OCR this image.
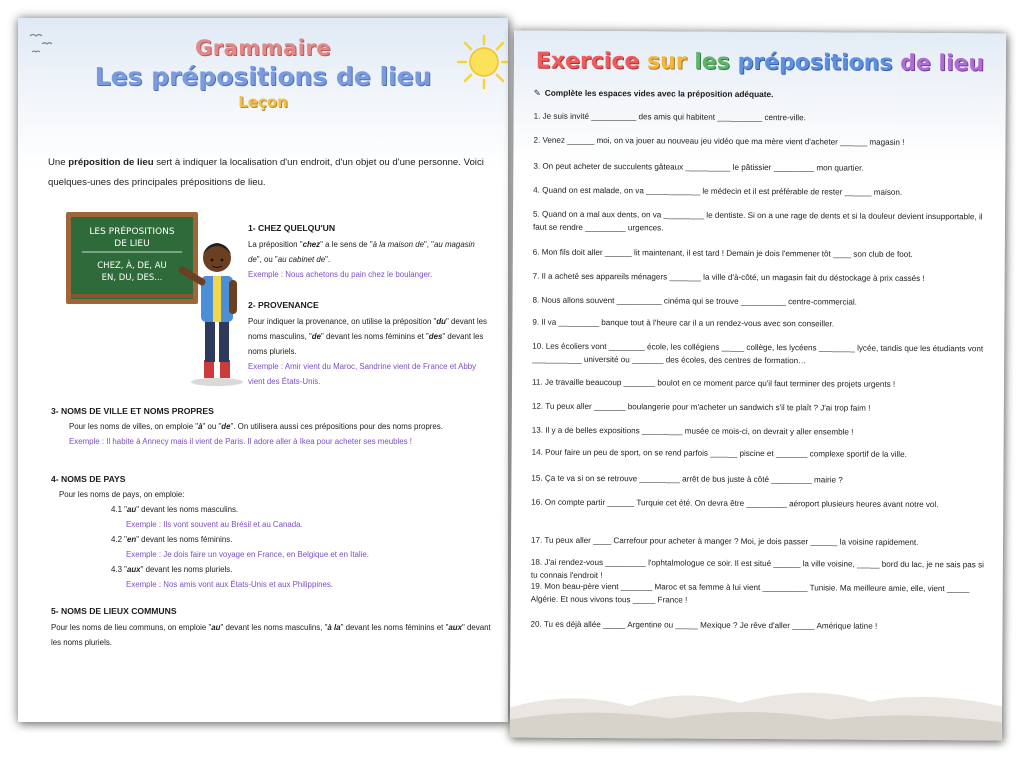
Grammaire
Les prépositions de lieu
Leçon
Une préposition de lieu sert à indiquer la localisation d'un endroit, d'un objet ou d'une personne. Voici quelques-unes des principales prépositions de lieu.
LES PRÉPOSITIONS
DE LIEU
CHEZ, À, DE, AU
EN, DU, DES...
1- CHEZ QUELQU'UN
La préposition "chez" a le sens de "à la maison de", "au magasin de", ou "au cabinet de".
Exemple : Nous achetons du pain chez le boulanger.
2- PROVENANCE
Pour indiquer la provenance, on utilise la préposition "du" devant les noms masculins, "de" devant les noms féminins et "des" devant les noms pluriels.
Exemple : Amir vient du Maroc, Sandrine vient de France et Abby vient des États-Unis.
3- NOMS DE VILLE ET NOMS PROPRES
Pour les noms de villes, on emploie "à" ou "de". On utilisera aussi ces prépositions pour des noms propres.
Exemple : Il habite à Annecy mais il vient de Paris. Il adore aller à Ikea pour acheter ses meubles !
4- NOMS DE PAYS
Pour les noms de pays, on emploie:
4.1 "au" devant les noms masculins.
Exemple : Ils vont souvent au Brésil et au Canada.
4.2 "en" devant les noms féminins.
Exemple : Je dois faire un voyage en France, en Belgique et en Italie.
4.3 "aux" devant les noms pluriels.
Exemple : Nos amis vont aux États-Unis et aux Philippines.
5- NOMS DE LIEUX COMMUNS
Pour les noms de lieu communs, on emploie "au" devant les noms masculins, "à la" devant les noms féminins et "aux" devant les noms pluriels.
Exercice sur les prépositions de lieu
✎ Complète les espaces vides avec la préposition adéquate.
1. Je suis invité __________ des amis qui habitent __________ centre-ville.
2. Venez ______ moi, on va jouer au nouveau jeu vidéo que ma mère vient d'acheter ______ magasin !
3. On peut acheter de succulents gâteaux __________ le pâtissier _________ mon quartier.
4. Quand on est malade, on va ____________ le médecin et il est préférable de rester ______ maison.
5. Quand on a mal aux dents, on va _________ le dentiste. Si on a une rage de dents et si la douleur devient insupportable, il faut se rendre _________ urgences.
6. Mon fils doit aller ______ lit maintenant, il est tard ! Demain je dois l'emmener tôt ____ son club de foot.
7. Il a acheté ses appareils ménagers _______ la ville d'à-côté, un magasin fait du déstockage à prix cassés !
8. Nous allons souvent __________ cinéma qui se trouve __________ centre-commercial.
9. Il va _________ banque tout à l'heure car il a un rendez-vous avec son conseiller.
10. Les écoliers vont ________ école, les collégiens _____ collège, les lycéens ________ lycée, tandis que les étudiants vont ___________ université ou _______ des écoles, des centres de formation…
11. Je travaille beaucoup _______ boulot en ce moment parce qu'il faut terminer des projets urgents !
12. Tu peux aller _______ boulangerie pour m'acheter un sandwich s'il te plaît ? J'ai trop faim !
13. Il y a de belles expositions _________ musée ce mois-ci, on devrait y aller ensemble !
14. Pour faire un peu de sport, on se rend parfois ______ piscine et _______ complexe sportif de la ville.
15. Ça te va si on se retrouve _________ arrêt de bus juste à côté _________ mairie ?
16. On compte partir ______ Turquie cet été. On devra être _________ aéroport plusieurs heures avant notre vol.
17. Tu peux aller ____ Carrefour pour acheter à manger ? Moi, je dois passer ______ la voisine rapidement.
18. J'ai rendez-vous _________ l'ophtalmologue ce soir. Il est situé ______ la ville voisine, _____ bord du lac, je ne sais pas si tu connais l'endroit !
19. Mon beau-père vient _______ Maroc et sa femme à lui vient __________ Tunisie. Ma meilleure amie, elle, vient _____ Algérie. Et nous vivons tous _____ France !
20. Tu es déjà allée _____ Argentine ou _____ Mexique ? Je rêve d'aller _____ Amérique latine !
